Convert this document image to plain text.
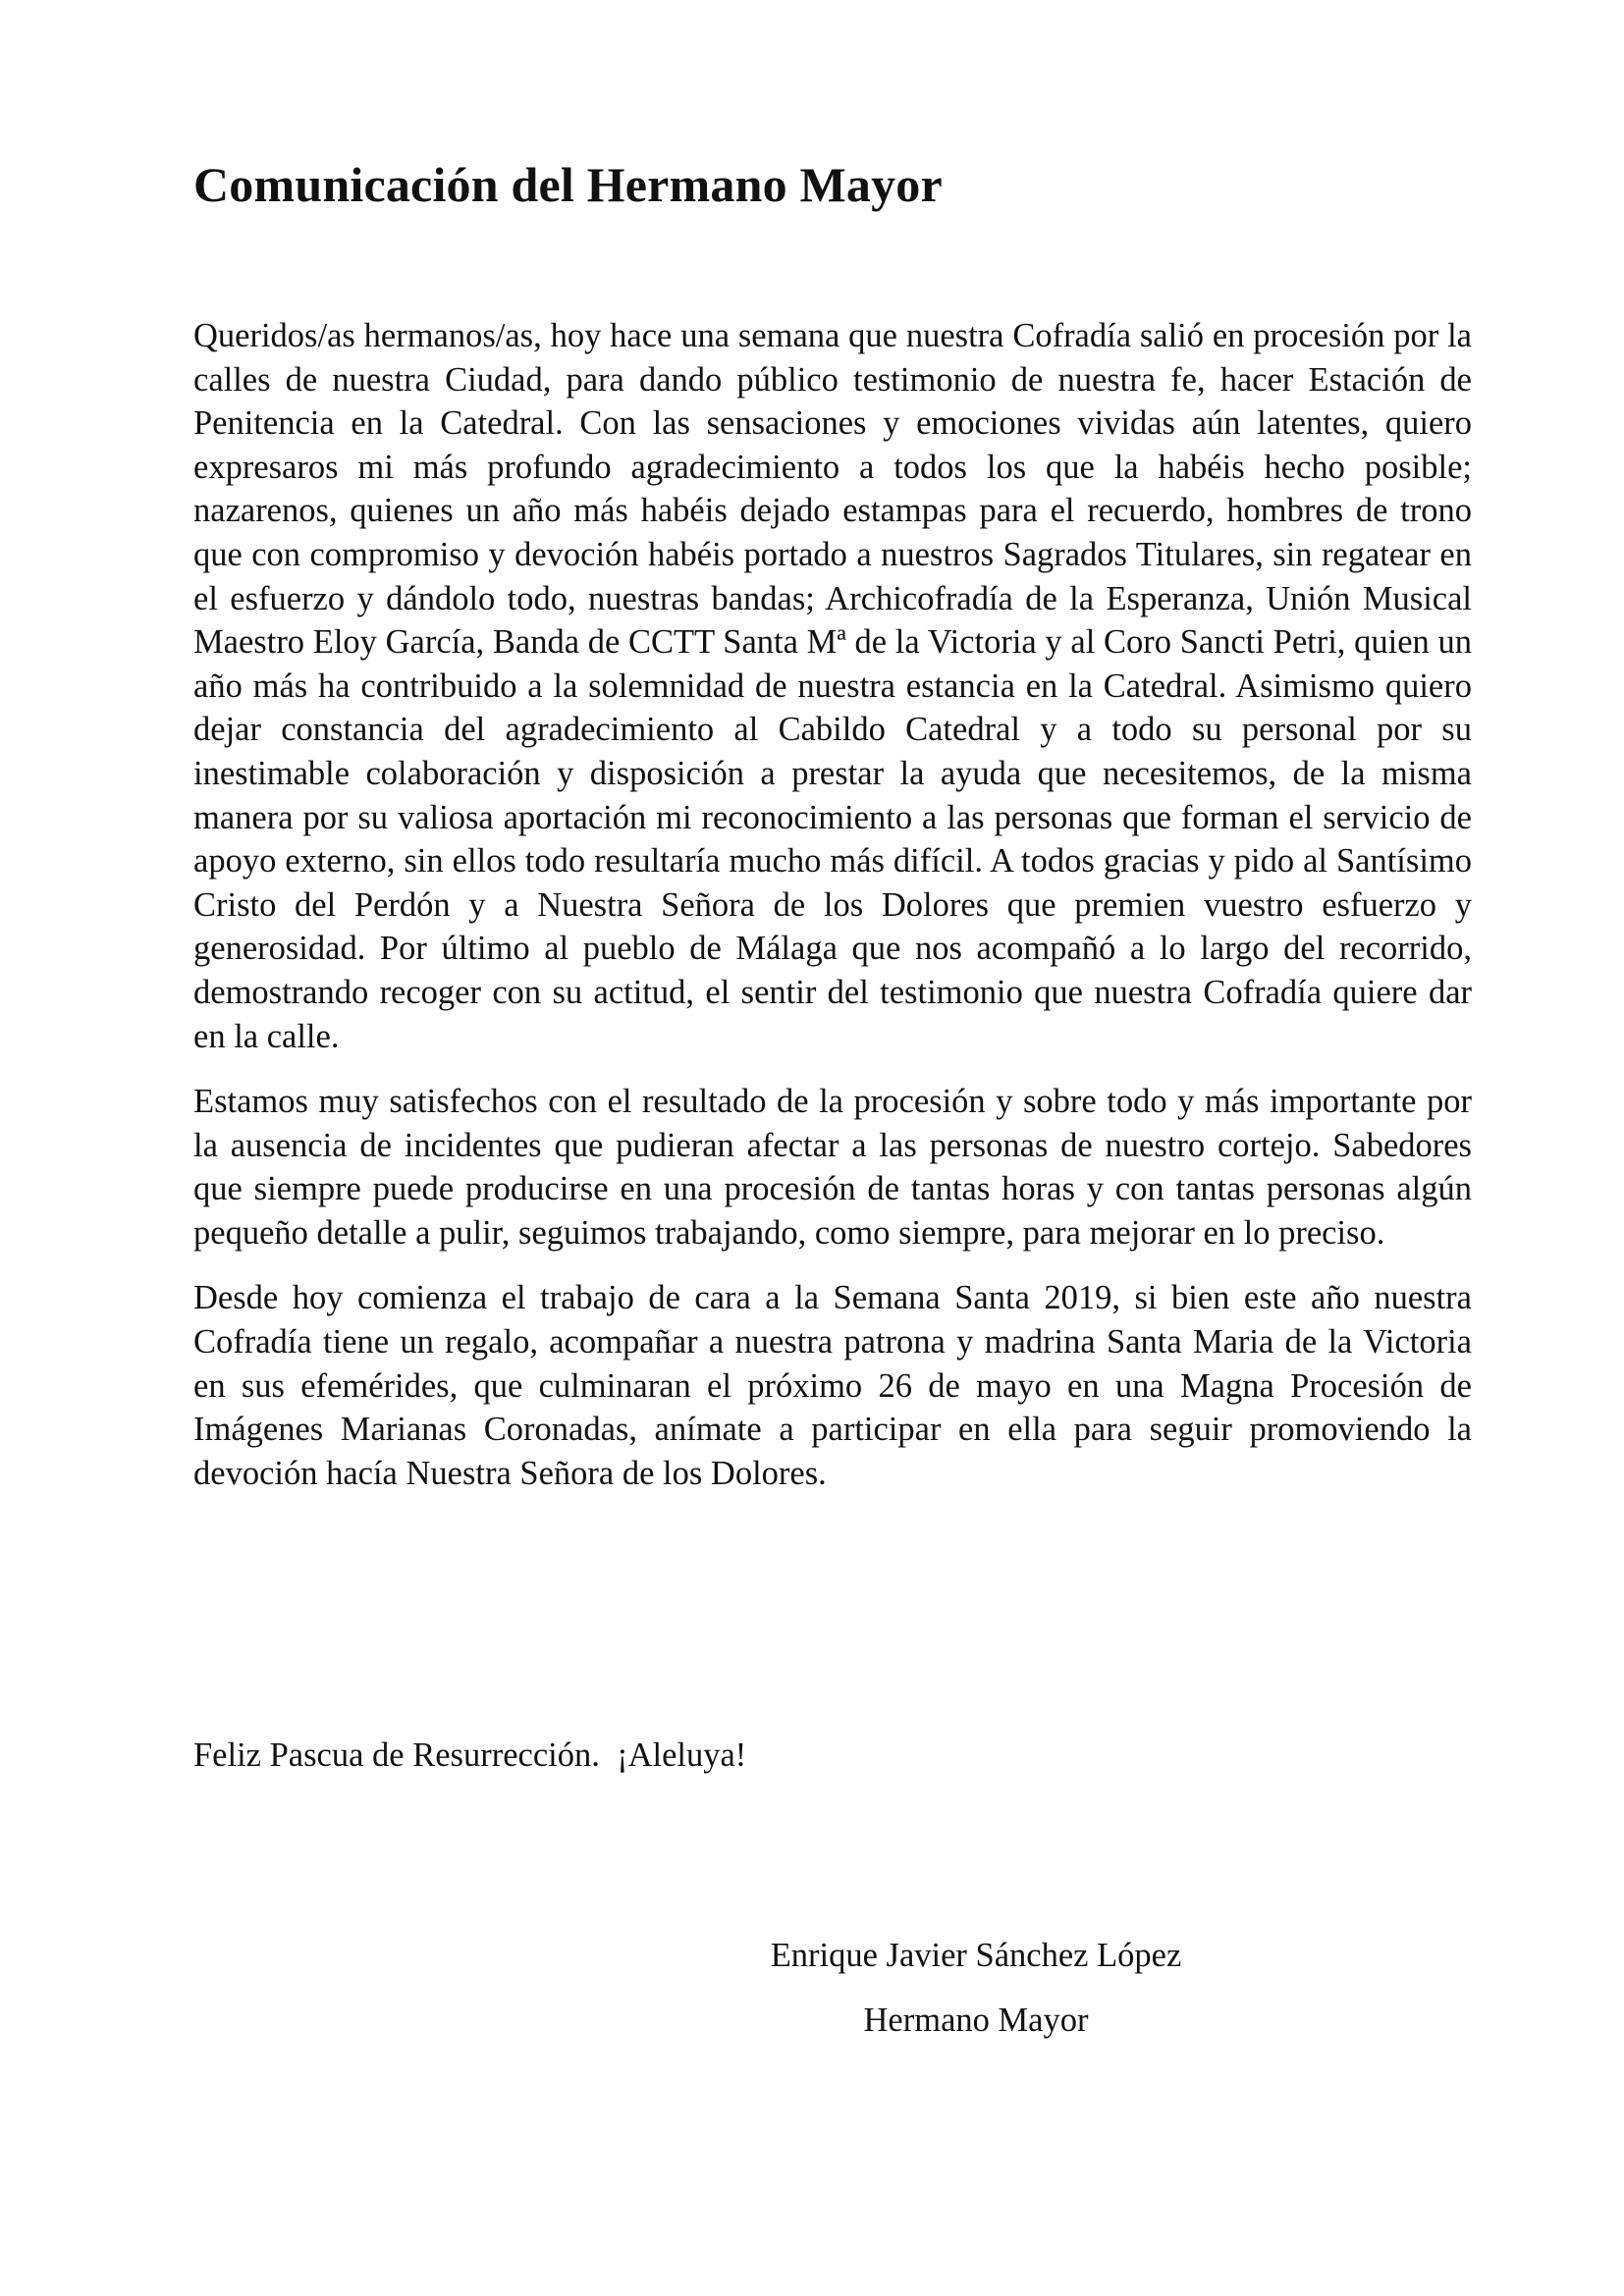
Comunicación del Hermano Mayor

Queridos/as hermanos/as, hoy hace una semana que nuestra Cofradía salió en procesión por la calles de nuestra Ciudad, para dando público testimonio de nuestra fe, hacer Estación de Penitencia en la Catedral. Con las sensaciones y emociones vividas aún latentes, quiero expresaros mi más profundo agradecimiento a todos los que la habéis hecho posible; nazarenos, quienes un año más habéis dejado estampas para el recuerdo, hombres de trono que con compromiso y devoción habéis portado a nuestros Sagrados Titulares, sin regatear en el esfuerzo y dándolo todo, nuestras bandas; Archicofradía de la Esperanza, Unión Musical Maestro Eloy García, Banda de CCTT Santa Mª de la Victoria y al Coro Sancti Petri, quien un año más ha contribuido a la solemnidad de nuestra estancia en la Catedral. Asimismo quiero dejar constancia del agradecimiento al Cabildo Catedral y a todo su personal por su inestimable colaboración y disposición a prestar la ayuda que necesitemos, de la misma manera por su valiosa aportación mi reconocimiento a las personas que forman el servicio de apoyo externo, sin ellos todo resultaría mucho más difícil. A todos gracias y pido al Santísimo Cristo del Perdón y a Nuestra Señora de los Dolores que premien vuestro esfuerzo y generosidad. Por último al pueblo de Málaga que nos acompañó a lo largo del recorrido, demostrando recoger con su actitud, el sentir del testimonio que nuestra Cofradía quiere dar en la calle.

Estamos muy satisfechos con el resultado de la procesión y sobre todo y más importante por la ausencia de incidentes que pudieran afectar a las personas de nuestro cortejo. Sabedores que siempre puede producirse en una procesión de tantas horas y con tantas personas algún pequeño detalle a pulir, seguimos trabajando, como siempre, para mejorar en lo preciso.

Desde hoy comienza el trabajo de cara a la Semana Santa 2019, si bien este año nuestra Cofradía tiene un regalo, acompañar a nuestra patrona y madrina Santa Maria de la Victoria en sus efemérides, que culminaran el próximo 26 de mayo en una Magna Procesión de Imágenes Marianas Coronadas, anímate a participar en ella para seguir promoviendo la devoción hacía Nuestra Señora de los Dolores.

Feliz Pascua de Resurrección.  ¡Aleluya!

Enrique Javier Sánchez López
Hermano Mayor
